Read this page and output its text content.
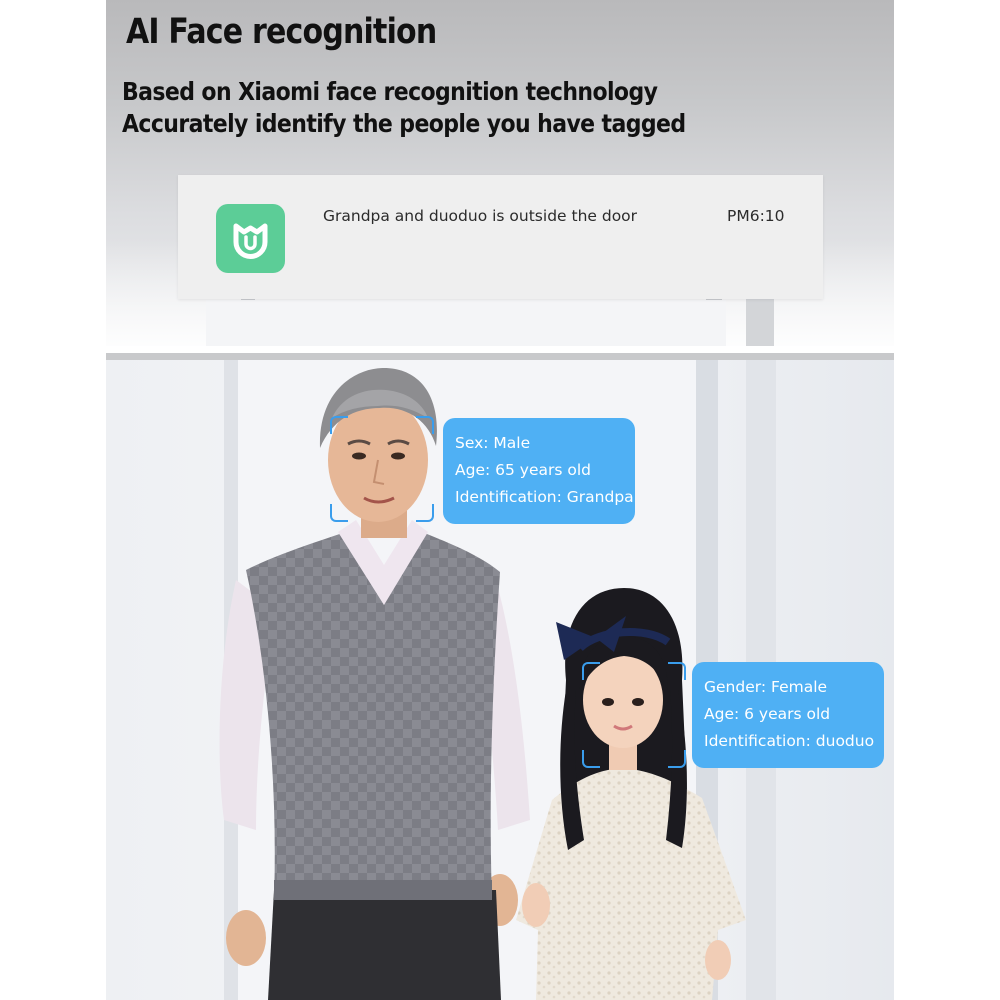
AI Face recognition

Based on Xiaomi face recognition technology

Accurately identify the people you have tagged

Grandpa and duoduo is outside the door	PM6:10
Sex: Male
Age: 65 years old
Identification: Grandpa
Gender: Female
Age: 6 years old
Identification: duoduo
